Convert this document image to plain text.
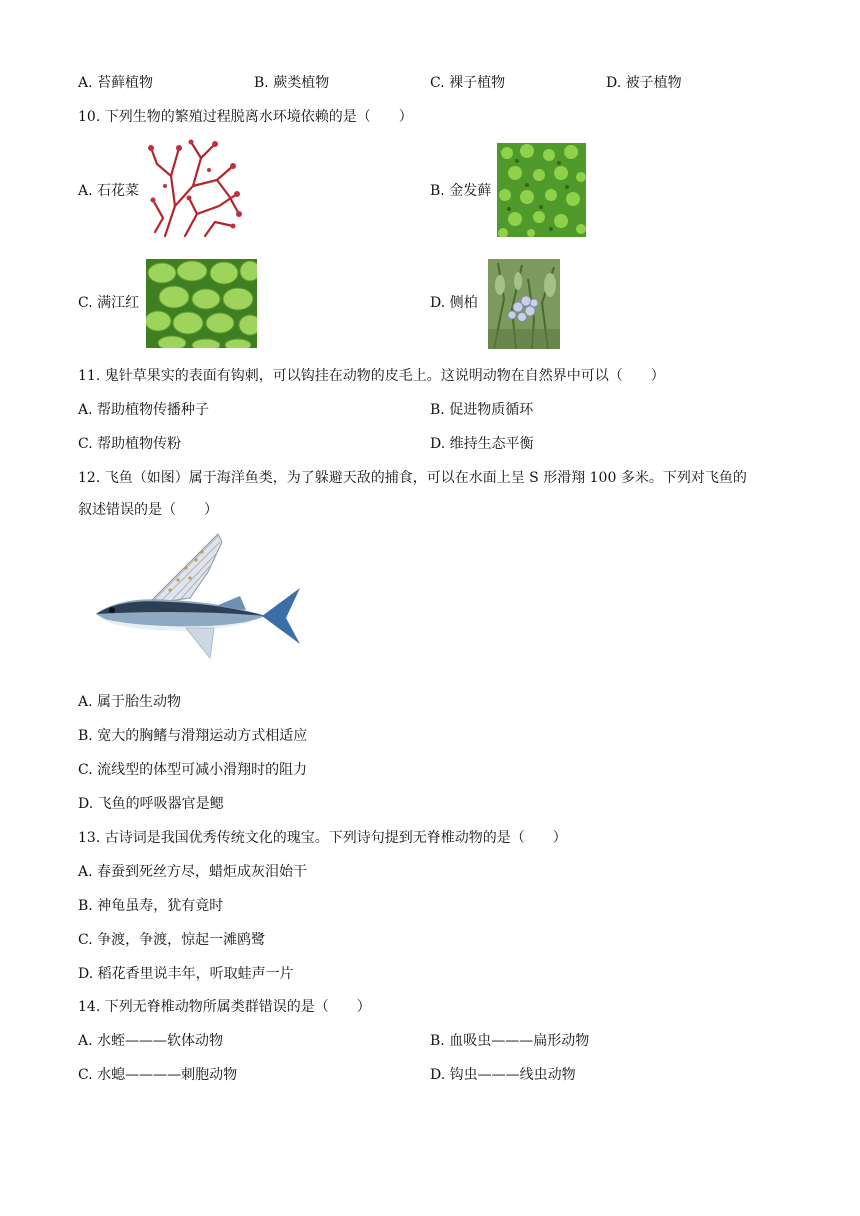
A. 苔藓植物	B. 蕨类植物	C. 裸子植物	D. 被子植物
10. 下列生物的繁殖过程脱离水环境依赖的是（　　）
A. 石花菜	B. 金发藓
C. 满江红	D. 侧柏
11. 鬼针草果实的表面有钩刺，可以钩挂在动物的皮毛上。这说明动物在自然界中可以（　　）
A. 帮助植物传播种子	B. 促进物质循环
C. 帮助植物传粉	D. 维持生态平衡
12. 飞鱼（如图）属于海洋鱼类，为了躲避天敌的捕食，可以在水面上呈 S 形滑翔 100 多米。下列对飞鱼的
叙述错误的是（　　）
A. 属于胎生动物
B. 宽大的胸鳍与滑翔运动方式相适应
C. 流线型的体型可减小滑翔时的阻力
D. 飞鱼的呼吸器官是鳃
13. 古诗词是我国优秀传统文化的瑰宝。下列诗句提到无脊椎动物的是（　　）
A. 春蚕到死丝方尽，蜡炬成灰泪始干
B. 神龟虽寿，犹有竟时
C. 争渡，争渡，惊起一滩鸥鹭
D. 稻花香里说丰年，听取蛙声一片
14. 下列无脊椎动物所属类群错误的是（　　）
A. 水蛭———软体动物	B. 血吸虫———扁形动物
C. 水螅————刺胞动物	D. 钩虫———线虫动物
